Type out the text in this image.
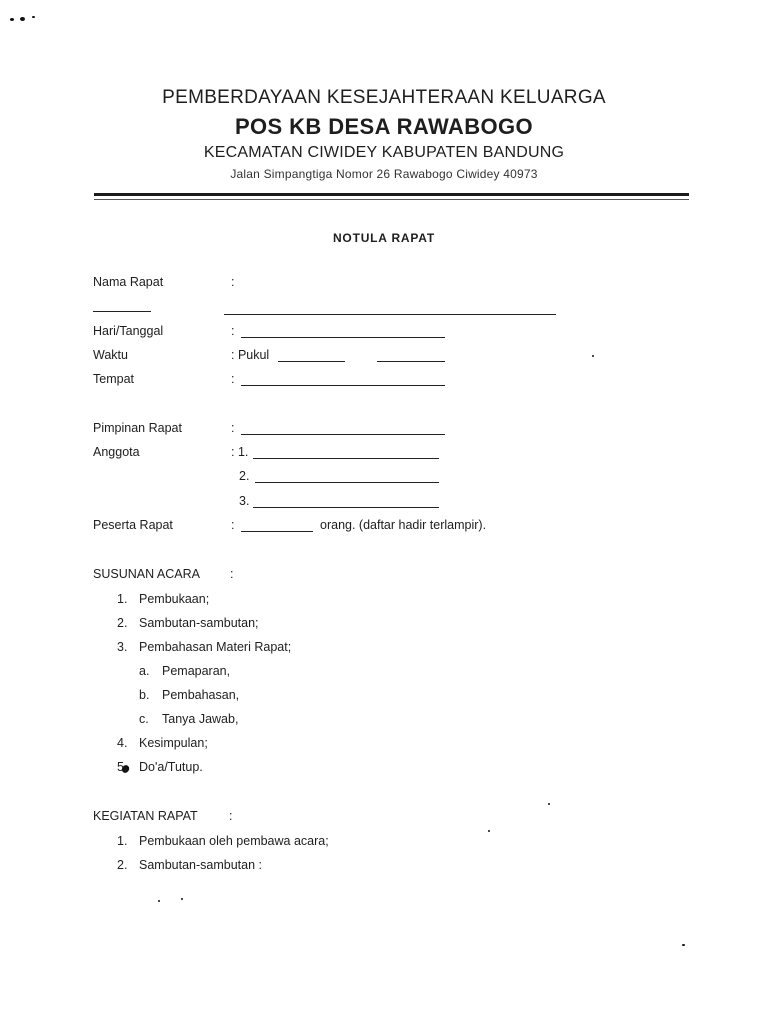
PEMBERDAYAAN KESEJAHTERAAN KELUARGA
POS KB DESA RAWABOGO
KECAMATAN CIWIDEY KABUPATEN BANDUNG
Jalan Simpangtiga Nomor 26 Rawabogo Ciwidey 40973
NOTULA RAPAT
Nama Rapat	:
Hari/Tanggal	:
Waktu	: Pukul
Tempat	:
Pimpinan Rapat	:
Anggota	: 1.
2.
3.
Peserta Rapat	:	orang. (daftar hadir terlampir).
SUSUNAN ACARA :
1. Pembukaan;
2. Sambutan-sambutan;
3. Pembahasan Materi Rapat;
a. Pemaparan,
b. Pembahasan,
c. Tanya Jawab,
4. Kesimpulan;
5. Do'a/Tutup.
KEGIATAN RAPAT	:
1. Pembukaan oleh pembawa acara;
2. Sambutan-sambutan :
